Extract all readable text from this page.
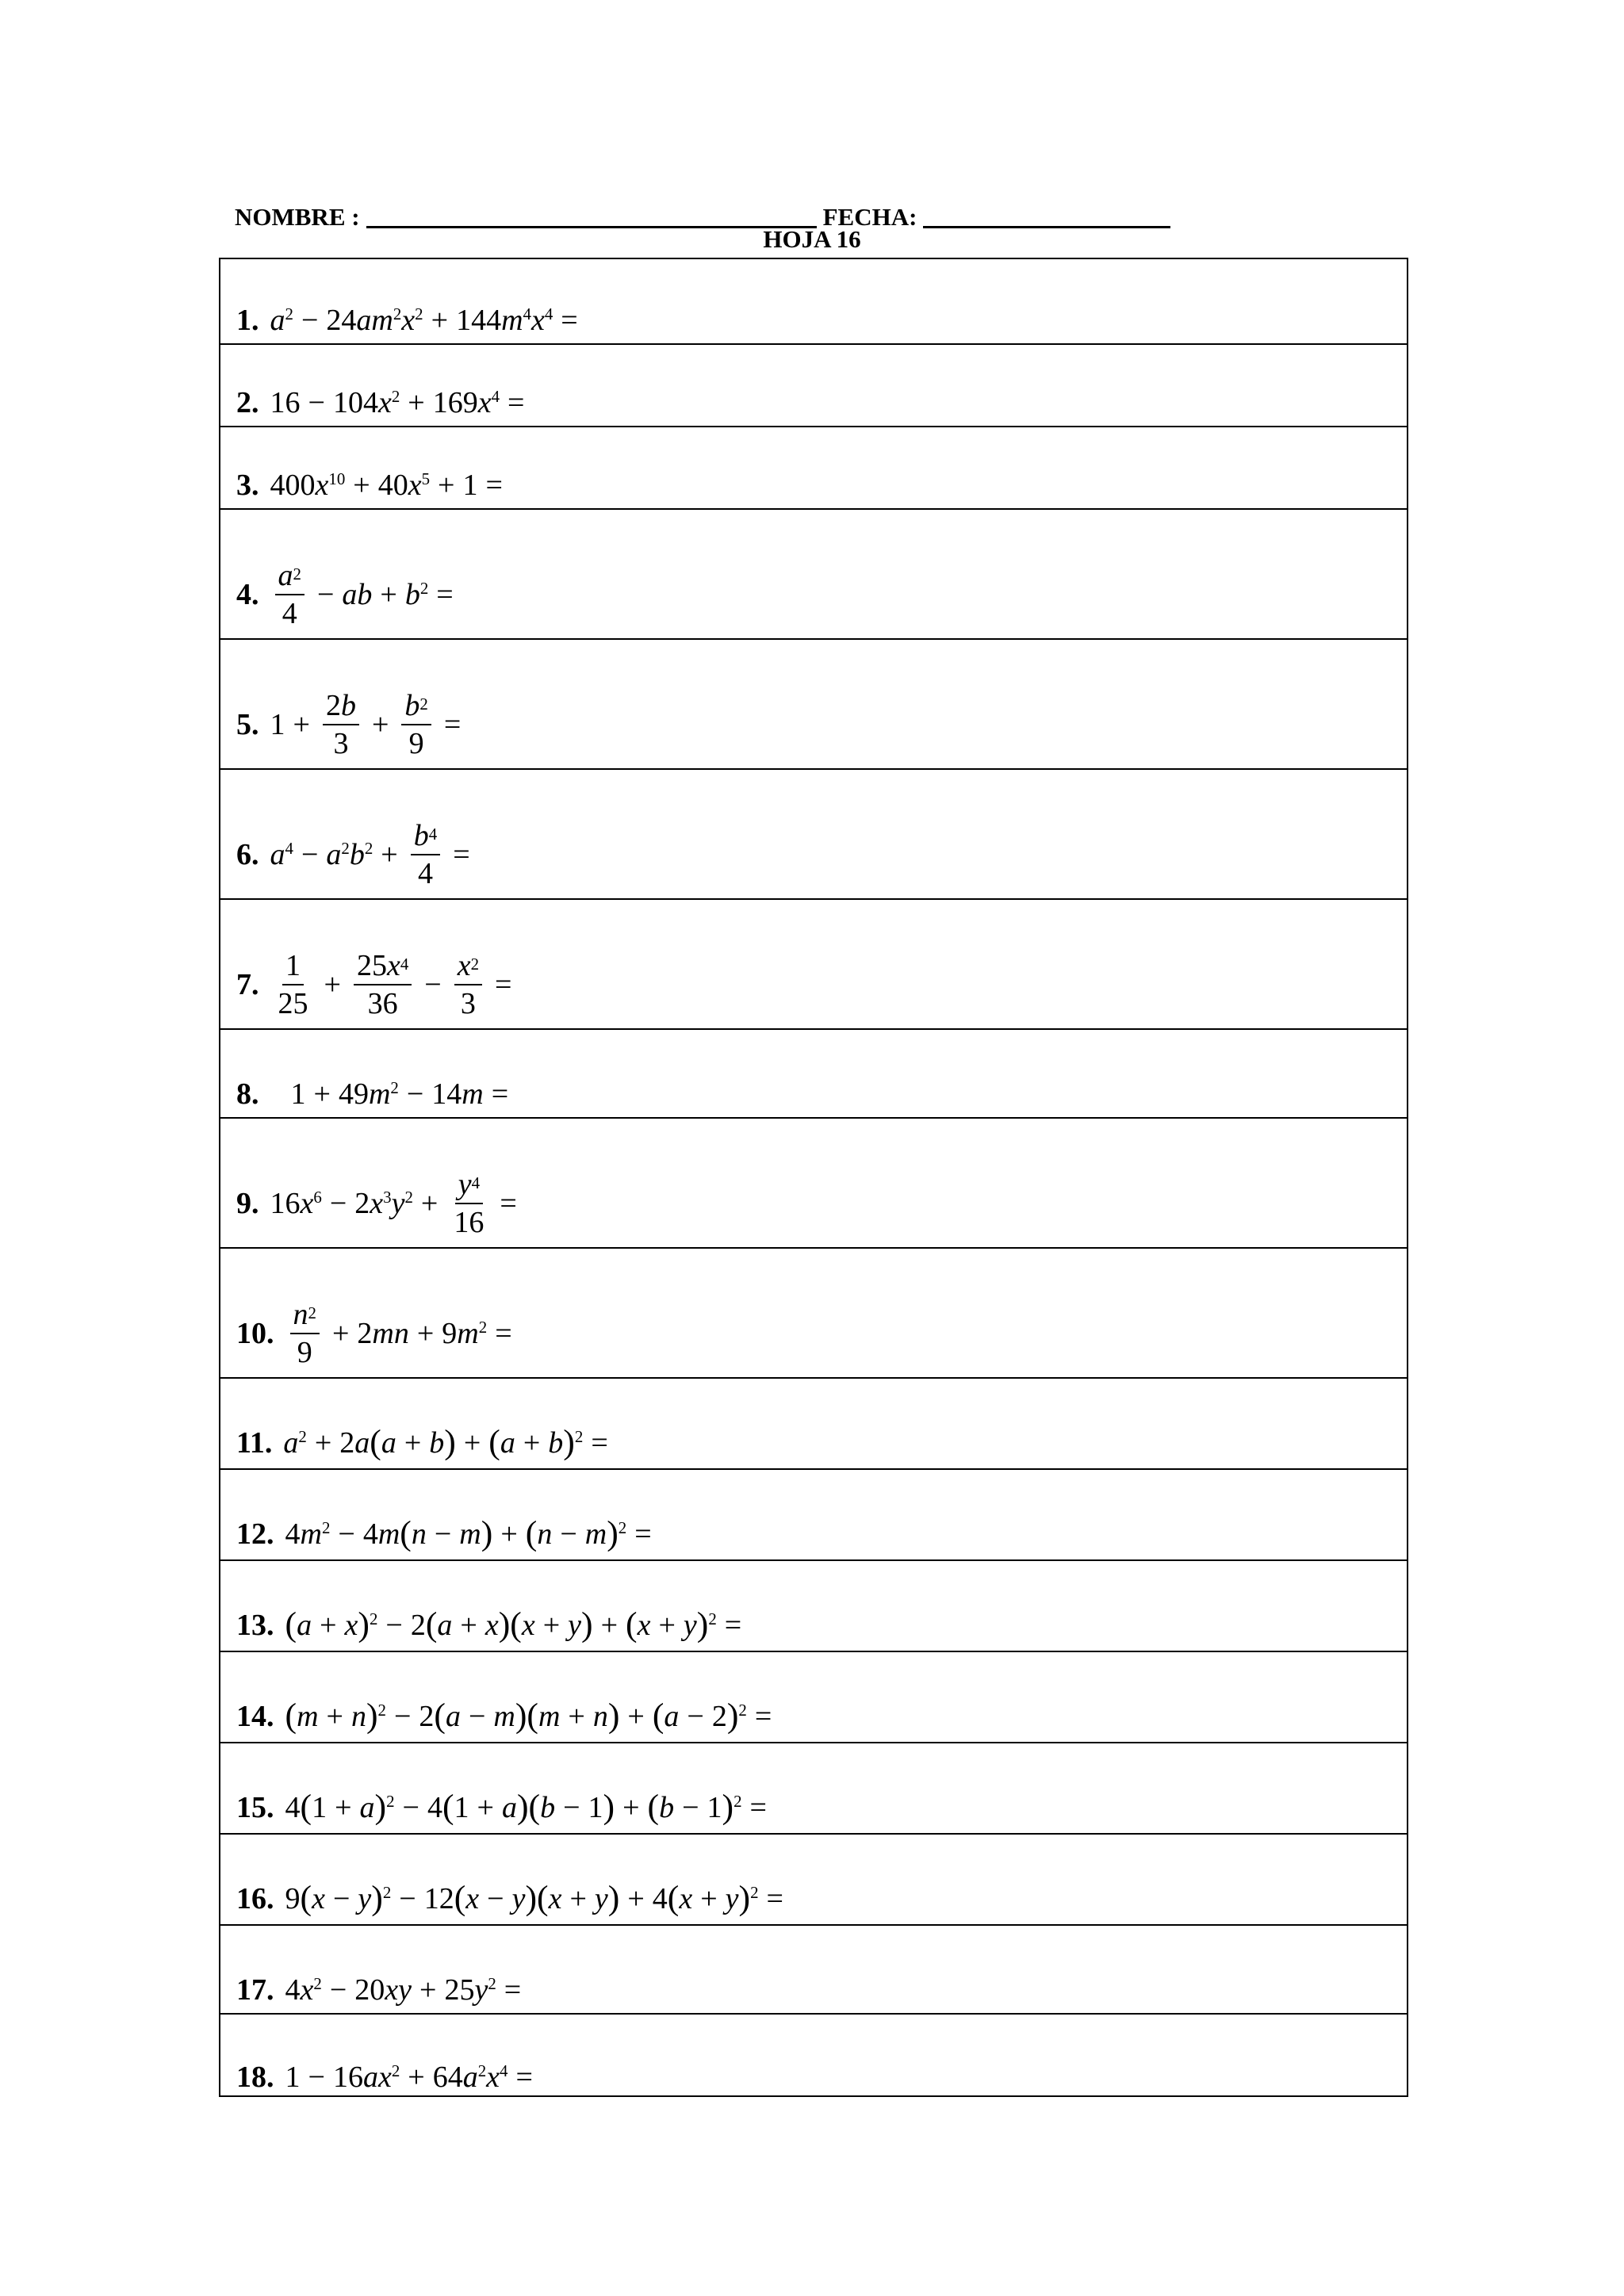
NOMBRE :	FECHA:
HOJA 16
1. $a^2 - 24$ $am^2$ $x^2 + 144$ $m^4$ $x^4$ =
2. 16 − 104 $x^2 + 169$ $x^4$ =
3. 400 $x^{10} + 40$ $x^5 + 1$ =
4. $\frac{a^2}{4}$ − ab + $b^2$ =
5. $1 + \frac{2b}{3} + \frac{b^2}{9}$ =
6. $a^4 - a^2$ $b^2 + \frac{b^4}{4}$ =
7. $\frac{1}{25} + \frac{25x^4}{36} - \frac{x^2}{3}$ =
8. 1 + 49 $m^2 - 14$ m =
9. 16 $x^6 - 2$ $x^3$ $y^2 + \frac{y^4}{16}$ =
10. $\frac{n^2}{9} + 2$ mn + 9 $m^2$ =
11. $a^2 + 2$ a ( a + b ) + ( a + b )$^2$ =
12. 4 $m^2 - 4$ m ( n − m ) + ( n − m )$^2$ =
13. ( a + x )$^2$ − 2 ( a + x )( x + y ) + ( x + y )$^2$ =
14. ( m + n )$^2$ − 2 ( a − m )( m + n ) + ( a − 2 )$^2$ =
15. 4 ( 1 + a )$^2$ − 4 ( 1 + a )( b − 1 ) + ( b − 1 )$^2$ =
16. 9 ( x − y )$^2$ − 12 ( x − y )( x + y ) + 4 ( x + y )$^2$ =
17. 4 $x^2 - 20$ xy + 25 $y^2$ =
18. 1 − 16 $ax^2 + 64$ $a^2$ $x^4$ =
